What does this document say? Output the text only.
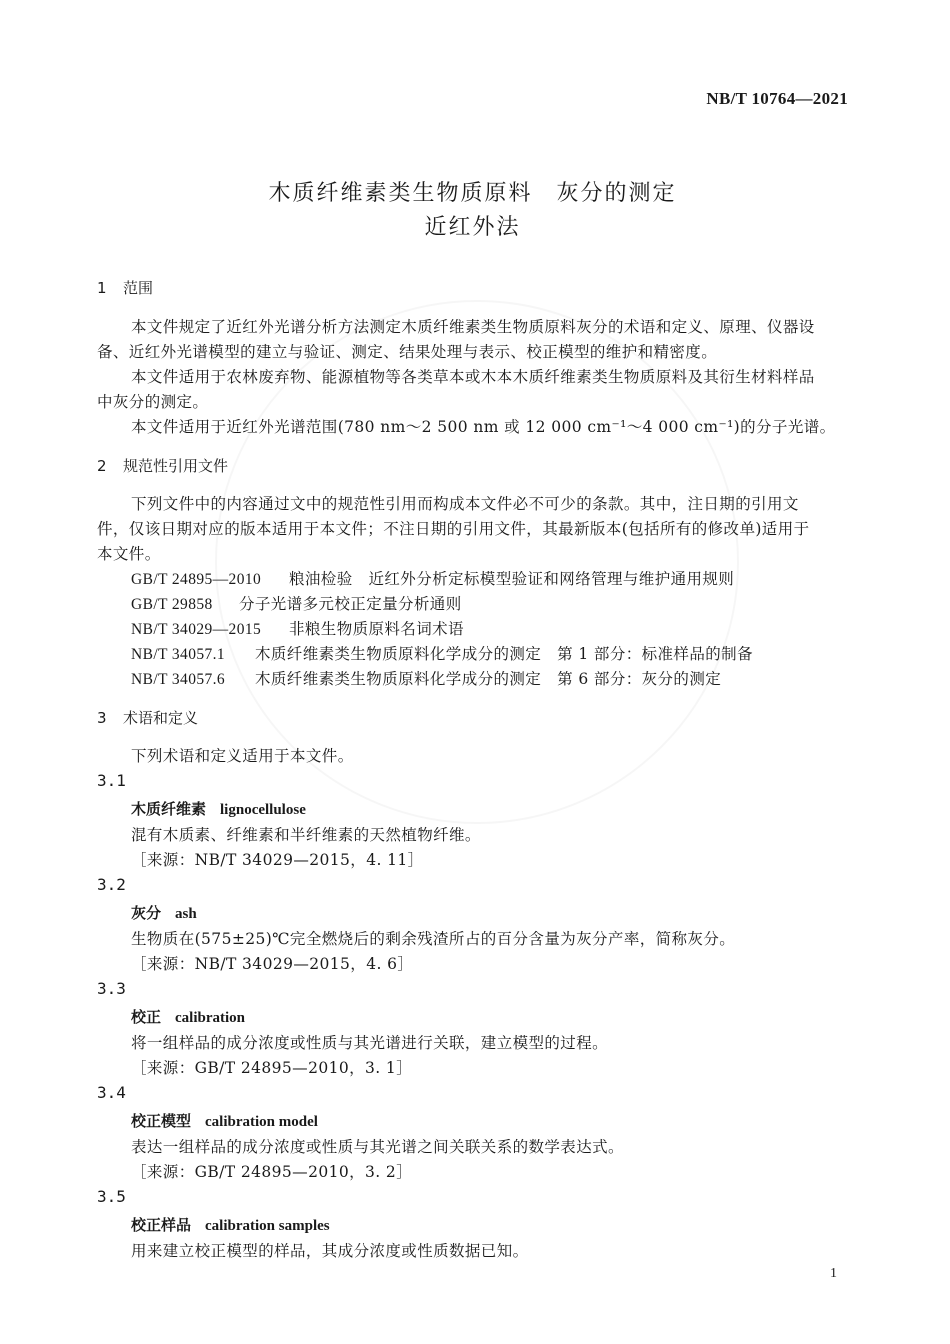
NB/T 10764—2021
木质纤维素类生物质原料　灰分的测定
近红外法
1 范围
本文件规定了近红外光谱分析方法测定木质纤维素类生物质原料灰分的术语和定义、原理、仪器设
备、近红外光谱模型的建立与验证、测定、结果处理与表示、校正模型的维护和精密度。
本文件适用于农林废弃物、能源植物等各类草本或木本木质纤维素类生物质原料及其衍生材料样品
中灰分的测定。
本文件适用于近红外光谱范围(780 nm～2 500 nm 或 12 000 cm⁻¹～4 000 cm⁻¹)的分子光谱。
2 规范性引用文件
下列文件中的内容通过文中的规范性引用而构成本文件必不可少的条款。其中，注日期的引用文
件，仅该日期对应的版本适用于本文件；不注日期的引用文件，其最新版本(包括所有的修改单)适用于
本文件。
GB/T 24895—2010 粮油检验　近红外分析定标模型验证和网络管理与维护通用规则
GB/T 29858 分子光谱多元校正定量分析通则
NB/T 34029—2015 非粮生物质原料名词术语
NB/T 34057.1 木质纤维素类生物质原料化学成分的测定　第 1 部分：标准样品的制备
NB/T 34057.6 木质纤维素类生物质原料化学成分的测定　第 6 部分：灰分的测定
3 术语和定义
下列术语和定义适用于本文件。
3.1
木质纤维素 lignocellulose
混有木质素、纤维素和半纤维素的天然植物纤维。
［来源：NB/T 34029—2015，4. 11］
3.2
灰分 ash
生物质在(575±25)℃完全燃烧后的剩余残渣所占的百分含量为灰分产率，简称灰分。
［来源：NB/T 34029—2015，4. 6］
3.3
校正 calibration
将一组样品的成分浓度或性质与其光谱进行关联，建立模型的过程。
［来源：GB/T 24895—2010，3. 1］
3.4
校正模型 calibration model
表达一组样品的成分浓度或性质与其光谱之间关联关系的数学表达式。
［来源：GB/T 24895—2010，3. 2］
3.5
校正样品 calibration samples
用来建立校正模型的样品，其成分浓度或性质数据已知。
1
